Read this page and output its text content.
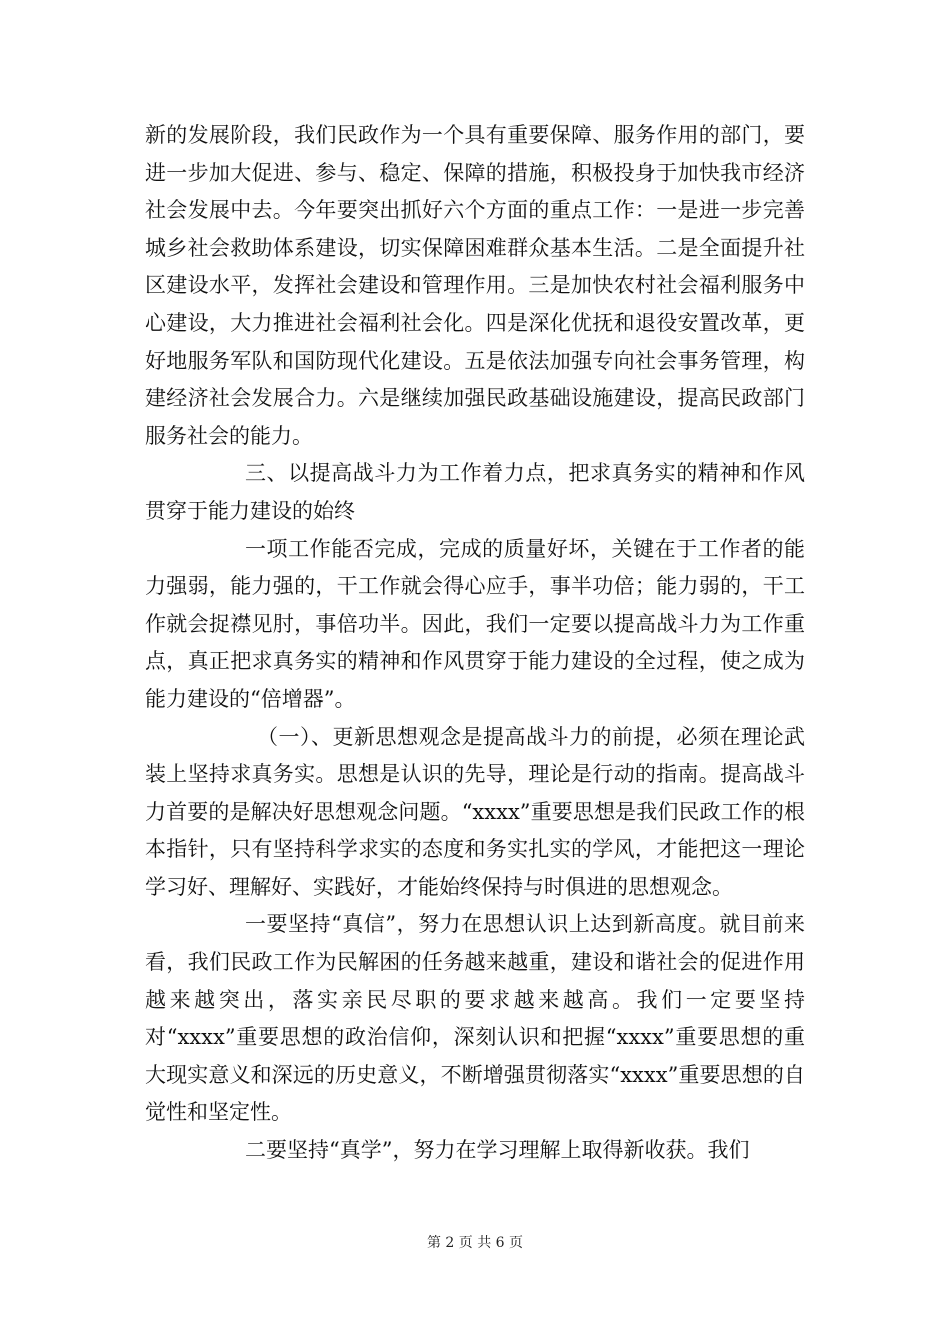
新的发展阶段，我们民政作为一个具有重要保障、服务作用的部门，要进一步加大促进、参与、稳定、保障的措施，积极投身于加快我市经济社会发展中去。今年要突出抓好六个方面的重点工作：一是进一步完善城乡社会救助体系建设，切实保障困难群众基本生活。二是全面提升社区建设水平，发挥社会建设和管理作用。三是加快农村社会福利服务中心建设，大力推进社会福利社会化。四是深化优抚和退役安置改革，更好地服务军队和国防现代化建设。五是依法加强专向社会事务管理，构建经济社会发展合力。六是继续加强民政基础设施建设，提高民政部门服务社会的能力。

三、以提高战斗力为工作着力点，把求真务实的精神和作风贯穿于能力建设的始终

一项工作能否完成，完成的质量好坏，关键在于工作者的能力强弱，能力强的，干工作就会得心应手，事半功倍；能力弱的，干工作就会捉襟见肘，事倍功半。因此，我们一定要以提高战斗力为工作重点，真正把求真务实的精神和作风贯穿于能力建设的全过程，使之成为能力建设的“倍增器”。

（一）、更新思想观念是提高战斗力的前提，必须在理论武装上坚持求真务实。思想是认识的先导，理论是行动的指南。提高战斗力首要的是解决好思想观念问题。“xxxx”重要思想是我们民政工作的根本指针，只有坚持科学求实的态度和务实扎实的学风，才能把这一理论学习好、理解好、实践好，才能始终保持与时俱进的思想观念。

一要坚持“真信”，努力在思想认识上达到新高度。就目前来看，我们民政工作为民解困的任务越来越重，建设和谐社会的促进作用越来越突出，落实亲民尽职的要求越来越高。我们一定要坚持对“xxxx”重要思想的政治信仰，深刻认识和把握“xxxx”重要思想的重大现实意义和深远的历史意义，不断增强贯彻落实“xxxx”重要思想的自觉性和坚定性。

二要坚持“真学”，努力在学习理解上取得新收获。我们

第 2 页 共 6 页
